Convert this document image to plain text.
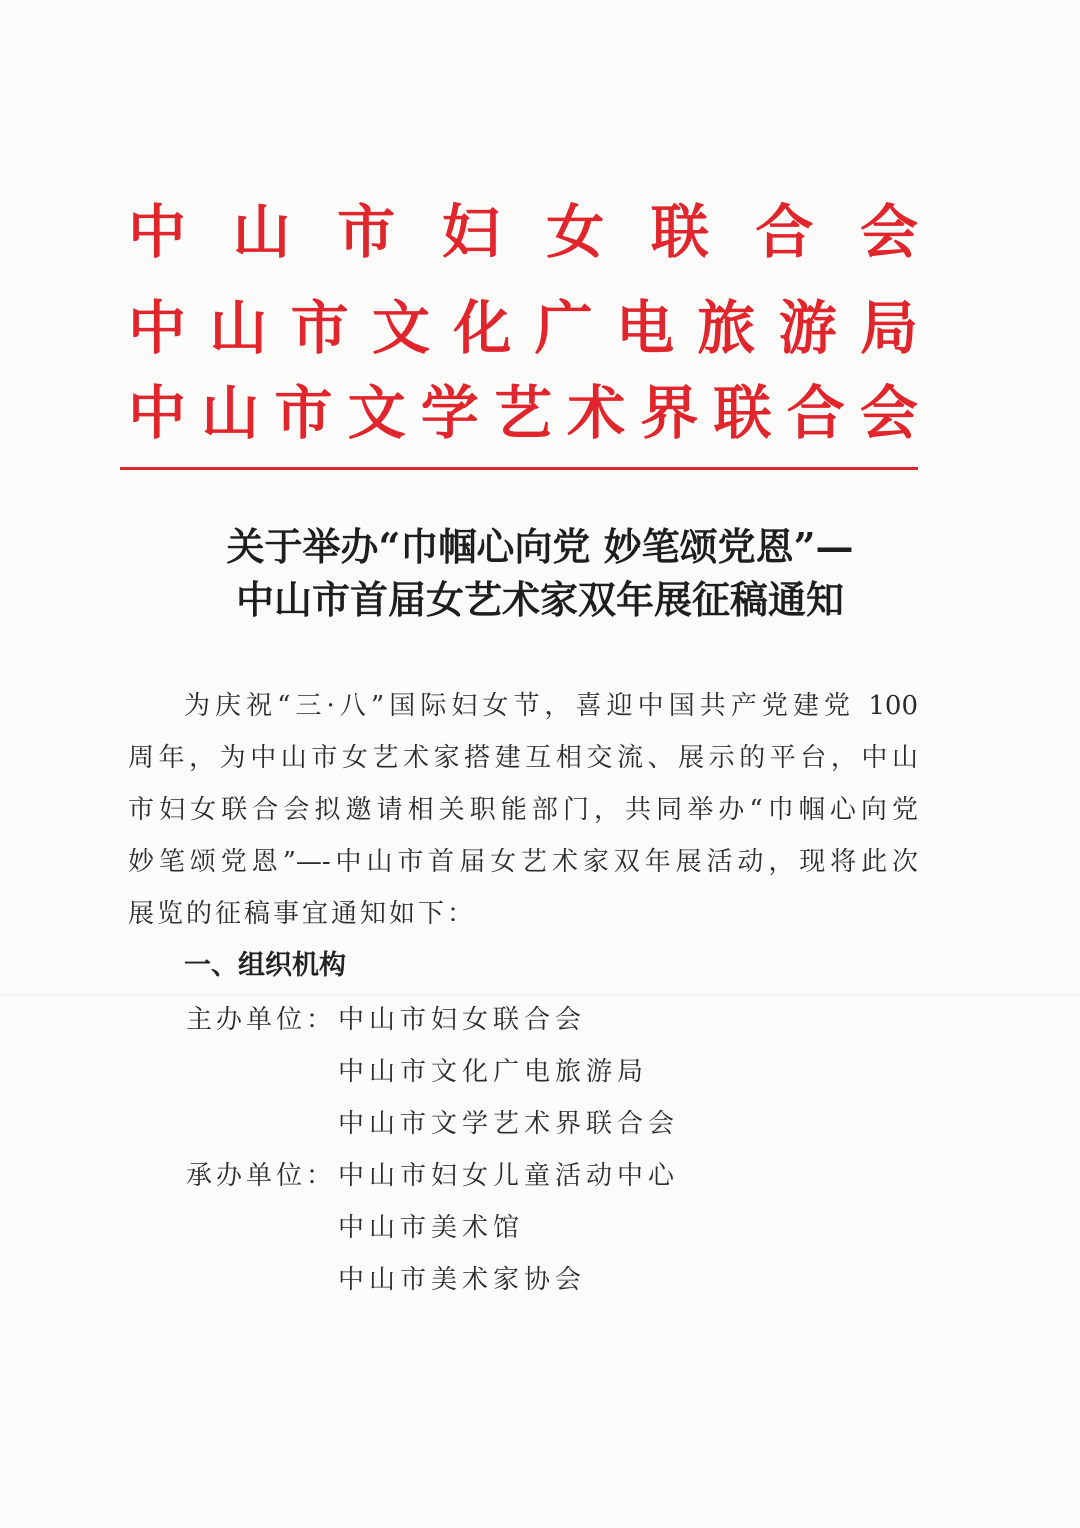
中 山 市 妇 女 联 合 会
中 山 市 文 化 广 电 旅 游 局
中 山 市 文 学 艺 术 界 联 合 会
关于举办“巾帼心向党 妙笔颂党恩”—
中山市首届女艺术家双年展征稿通知
为庆祝“三·八”国际妇女节，喜迎中国共产党建党 100
周年，为中山市女艺术家搭建互相交流、展示的平台，中山
市妇女联合会拟邀请相关职能部门，共同举办“巾帼心向党
妙笔颂党恩”—-中山市首届女艺术家双年展活动，现将此次
展览的征稿事宜通知如下：
一、组织机构
主办单位： 中山市妇女联合会
中山市文化广电旅游局
中山市文学艺术界联合会
承办单位： 中山市妇女儿童活动中心
中山市美术馆
中山市美术家协会
